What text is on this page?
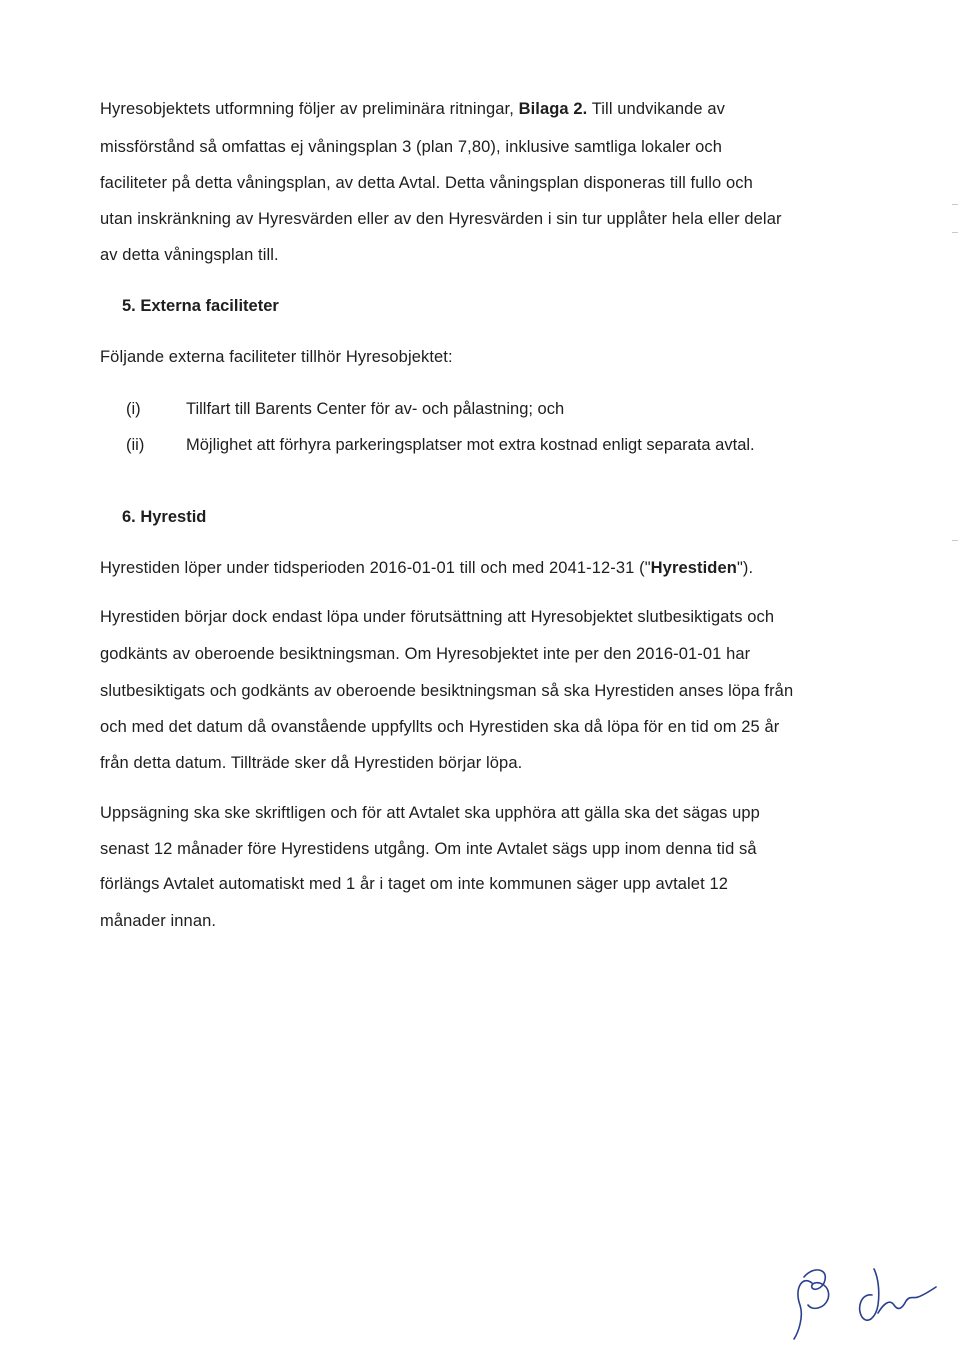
Hyresobjektets utformning följer av preliminära ritningar, Bilaga 2. Till undvikande av
missförstånd så omfattas ej våningsplan 3 (plan 7,80), inklusive samtliga lokaler och
faciliteter på detta våningsplan, av detta Avtal. Detta våningsplan disponeras till fullo och
utan inskränkning av Hyresvärden eller av den Hyresvärden i sin tur upplåter hela eller delar
av detta våningsplan till.
5. Externa faciliteter
Följande externa faciliteter tillhör Hyresobjektet:
(i)	Tillfart till Barents Center för av- och pålastning; och
(ii)	Möjlighet att förhyra parkeringsplatser mot extra kostnad enligt separata avtal.
6. Hyrestid
Hyrestiden löper under tidsperioden 2016-01-01 till och med 2041-12-31 ("Hyrestiden").
Hyrestiden börjar dock endast löpa under förutsättning att Hyresobjektet slutbesiktigats och
godkänts av oberoende besiktningsman. Om Hyresobjektet inte per den 2016-01-01 har
slutbesiktigats och godkänts av oberoende besiktningsman så ska Hyrestiden anses löpa från
och med det datum då ovanstående uppfyllts och Hyrestiden ska då löpa för en tid om 25 år
från detta datum. Tillträde sker då Hyrestiden börjar löpa.
Uppsägning ska ske skriftligen och för att Avtalet ska upphöra att gälla ska det sägas upp
senast 12 månader före Hyrestidens utgång. Om inte Avtalet sägs upp inom denna tid så
förlängs Avtalet automatiskt med 1 år i taget om inte kommunen säger upp avtalet 12
månader innan.
